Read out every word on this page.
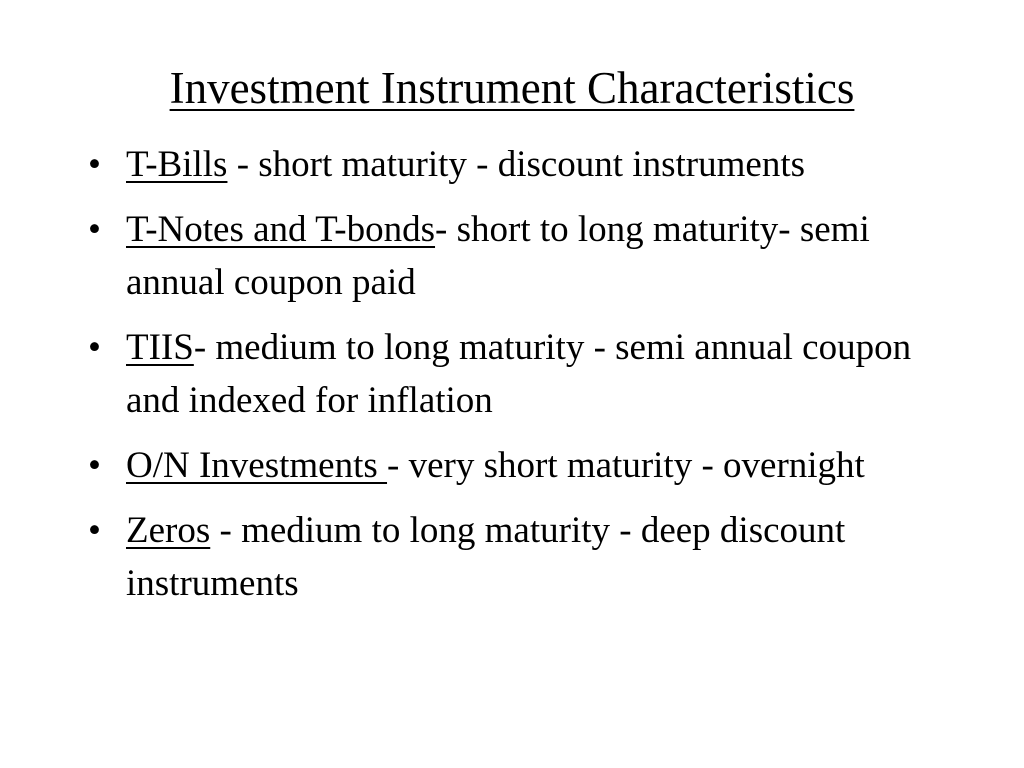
Investment Instrument Characteristics
• T-Bills - short maturity - discount instruments
• T-Notes and T-bonds- short to long maturity- semi annual coupon paid
• TIIS- medium to long maturity - semi annual coupon and indexed for inflation
• O/N Investments - very short maturity - overnight
• Zeros - medium to long maturity - deep discount instruments
